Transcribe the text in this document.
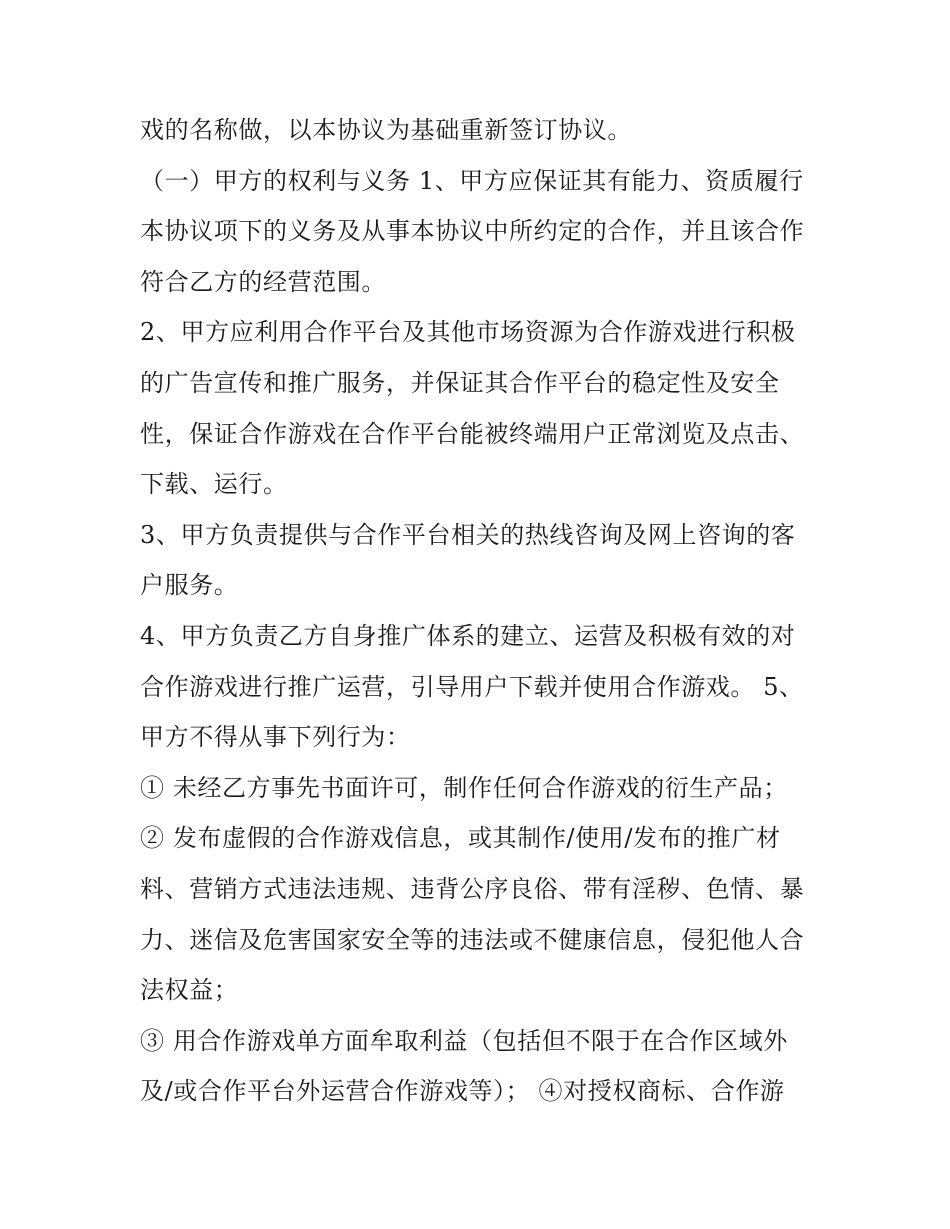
戏的名称做，以本协议为基础重新签订协议。
（一）甲方的权利与义务 1、甲方应保证其有能力、资质履行
本协议项下的义务及从事本协议中所约定的合作，并且该合作
符合乙方的经营范围。
2、甲方应利用合作平台及其他市场资源为合作游戏进行积极
的广告宣传和推广服务，并保证其合作平台的稳定性及安全
性，保证合作游戏在合作平台能被终端用户正常浏览及点击、
下载、运行。
3、甲方负责提供与合作平台相关的热线咨询及网上咨询的客
户服务。
4、甲方负责乙方自身推广体系的建立、运营及积极有效的对
合作游戏进行推广运营，引导用户下载并使用合作游戏。 5、
甲方不得从事下列行为：
① 未经乙方事先书面许可，制作任何合作游戏的衍生产品；
② 发布虚假的合作游戏信息，或其制作/使用/发布的推广材
料、营销方式违法违规、违背公序良俗、带有淫秽、色情、暴
力、迷信及危害国家安全等的违法或不健康信息，侵犯他人合
法权益；
③ 用合作游戏单方面牟取利益（包括但不限于在合作区域外
及/或合作平台外运营合作游戏等）； ④对授权商标、合作游
